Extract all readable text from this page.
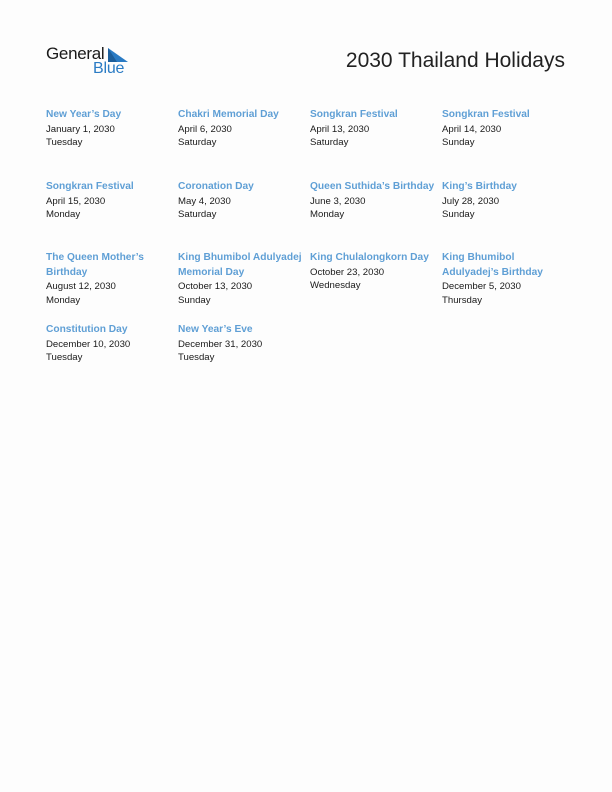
General
Blue	2030 Thailand Holidays
New Year’s Day
January 1, 2030
Tuesday
Chakri Memorial Day
April 6, 2030
Saturday
Songkran Festival
April 13, 2030
Saturday
Songkran Festival
April 14, 2030
Sunday
Songkran Festival
April 15, 2030
Monday
Coronation Day
May 4, 2030
Saturday
Queen Suthida’s Birthday
June 3, 2030
Monday
King’s Birthday
July 28, 2030
Sunday
The Queen Mother’s Birthday
August 12, 2030
Monday
King Bhumibol Adulyadej Memorial Day
October 13, 2030
Sunday
King Chulalongkorn Day
October 23, 2030
Wednesday
King Bhumibol Adulyadej’s Birthday
December 5, 2030
Thursday
Constitution Day
December 10, 2030
Tuesday
New Year’s Eve
December 31, 2030
Tuesday
